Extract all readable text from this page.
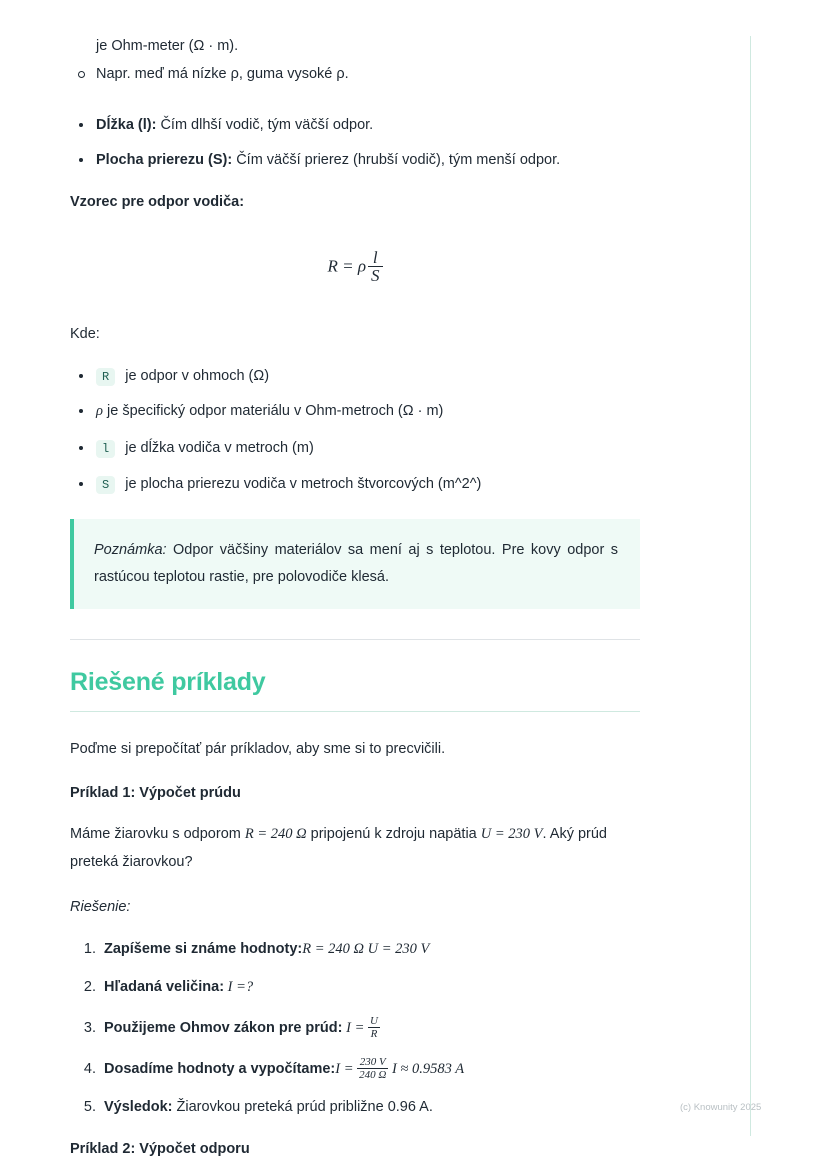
je Ohm-meter (Ω · m).
Napr. meď má nízke ρ, guma vysoké ρ.
Dĺžka (l): Čím dlhší vodič, tým väčší odpor.
Plocha prierezu (S): Čím väčší prierez (hrubší vodič), tým menší odpor.

Vzorec pre odpor vodiča:

R = ρ $\frac{l}{S}$

Kde:

R je odpor v ohmoch (Ω)
ρ je špecifický odpor materiálu v Ohm-metroch (Ω · m)
l je dĺžka vodiča v metroch (m)
S je plocha prierezu vodiča v metroch štvorcových (m^2^)
Poznámka: Odpor väčšiny materiálov sa mení aj s teplotou. Pre kovy odpor s rastúcou teplotou rastie, pre polovodiče klesá.
Riešené príklady

Poďme si prepočítať pár príkladov, aby sme si to precvičili.

Príklad 1: Výpočet prúdu

Máme žiarovku s odporom R = 240 Ω pripojenú k zdroju napätia U = 230 V. Aký prúd preteká žiarovkou?

Riešenie:

1. Zapíšeme si známe hodnoty:R = 240 Ω U = 230 V
2. Hľadaná veličina: I =?
3. Použijeme Ohmov zákon pre prúd: $I = \frac{U}{R}$
4. Dosadíme hodnoty a vypočítame:I = $\frac{230 V}{240 \Omega}$ I ≈ 0.9583 A
5. Výsledok: Žiarovkou preteká prúd približne 0.96 A.
Príklad 2: Výpočet odporu
(c) Knowunity 2025
